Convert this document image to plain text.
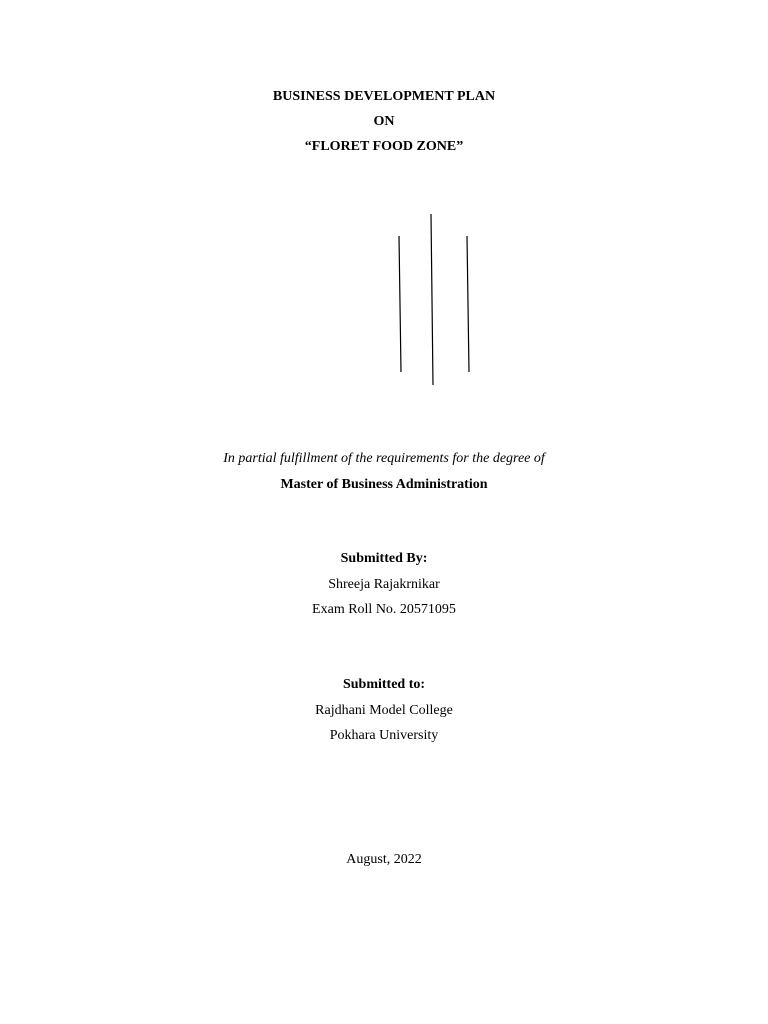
BUSINESS DEVELOPMENT PLAN
ON
“FLORET FOOD ZONE”
In partial fulfillment of the requirements for the degree of
Master of Business Administration
Submitted By:
Shreeja Rajakrnikar
Exam Roll No. 20571095
Submitted to:
Rajdhani Model College
Pokhara University
August, 2022
